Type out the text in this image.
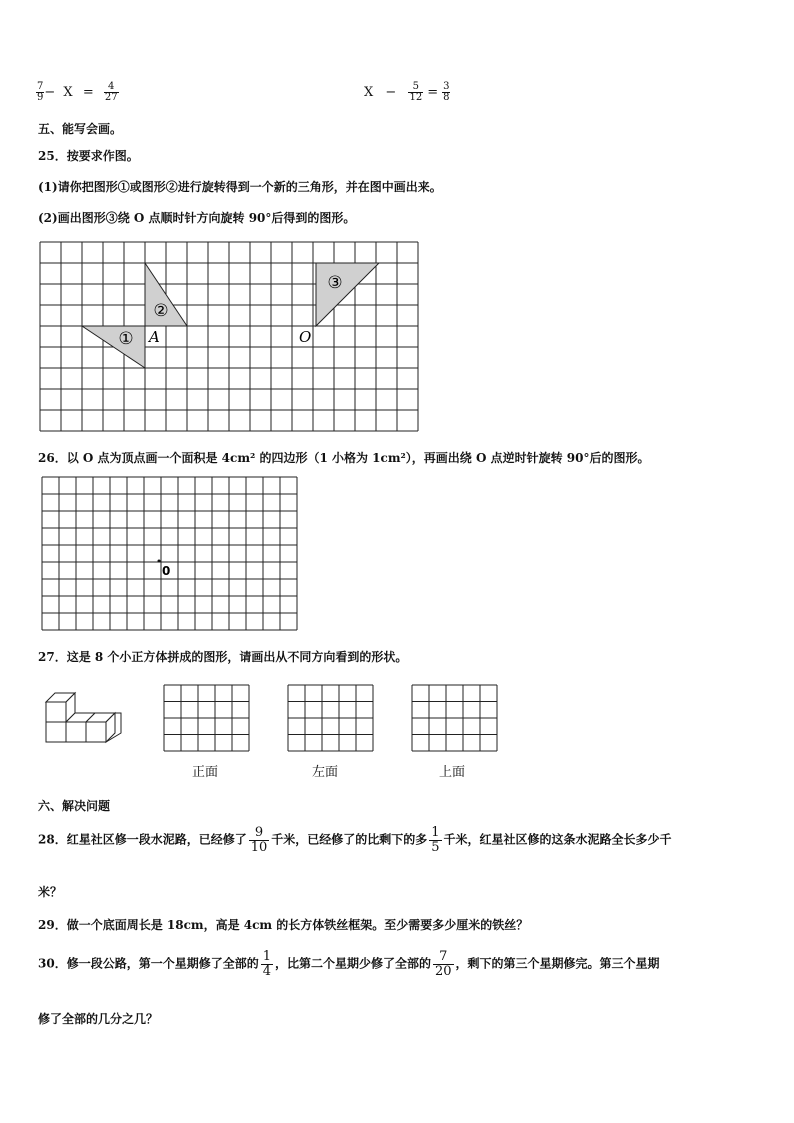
$\frac{7}{9} - X = \frac{4}{27}$	$X - \frac{5}{12} = \frac{3}{8}$
五、能写会画。
25．按要求作图。
(1)请你把图形①或图形②进行旋转得到一个新的三角形，并在图中画出来。
(2)画出图形③绕 O 点顺时针方向旋转 90°后得到的图形。
①
②
③
A	O
26．以 O 点为顶点画一个面积是 4cm² 的四边形（1 小格为 1cm²），再画出绕 O 点逆时针旋转 90°后的图形。
0
27．这是 8 个小正方体拼成的图形，请画出从不同方向看到的形状。
正面	左面	上面
六、解决问题
28．红星社区修一段水泥路，已经修了 $\frac{9}{10}$ 千米，已经修了的比剩下的多 $\frac{1}{5}$ 千米，红星社区修的这条水泥路全长多少千
米？
29．做一个底面周长是 18cm，高是 4cm 的长方体铁丝框架。至少需要多少厘米的铁丝？
30．修一段公路，第一个星期修了全部的 $\frac{1}{4}$ ，比第二个星期少修了全部的 $\frac{7}{20}$ ，剩下的第三个星期修完。第三个星期
修了全部的几分之几？
